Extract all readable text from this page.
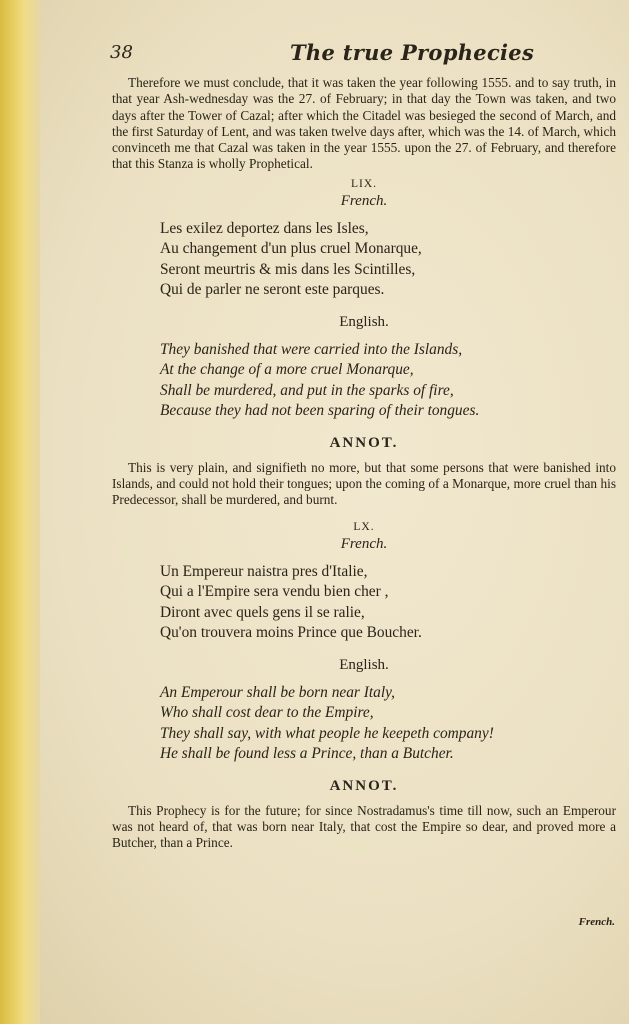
38	The true Prophecies

Therefore we must conclude, that it was taken the year following 1555. and to say truth, in that year Ash-wednesday was the 27. of February; in that day the Town was taken, and two days after the Tower of Cazal; after which the Citadel was besieged the second of March, and the first Saturday of Lent, and was taken twelve days after, which was the 14. of March, which convinceth me that Cazal was taken in the year 1555. upon the 27. of February, and therefore that this Stanza is wholly Prophetical.

LIX.
French.
Les exilez deportez dans les Isles,
Au changement d'un plus cruel Monarque,
Seront meurtris & mis dans les Scintilles,
Qui de parler ne seront este parques.
English.
They banished that were carried into the Islands,
At the change of a more cruel Monarque,
Shall be murdered, and put in the sparks of fire,
Because they had not been sparing of their tongues.
ANNOT.

This is very plain, and signifieth no more, but that some persons that were banished into Islands, and could not hold their tongues; upon the coming of a Monarque, more cruel than his Predecessor, shall be murdered, and burnt.

LX.
French.
Un Empereur naistra pres d'Italie,
Qui a l'Empire sera vendu bien cher ,
Diront avec quels gens il se ralie,
Qu'on trouvera moins Prince que Boucher.
English.
An Emperour shall be born near Italy,
Who shall cost dear to the Empire,
They shall say, with what people he keepeth company!
He shall be found less a Prince, than a Butcher.
ANNOT.

This Prophecy is for the future; for since Nostradamus's time till now, such an Emperour was not heard of, that was born near Italy, that cost the Empire so dear, and proved more a Butcher, than a Prince.

French.
